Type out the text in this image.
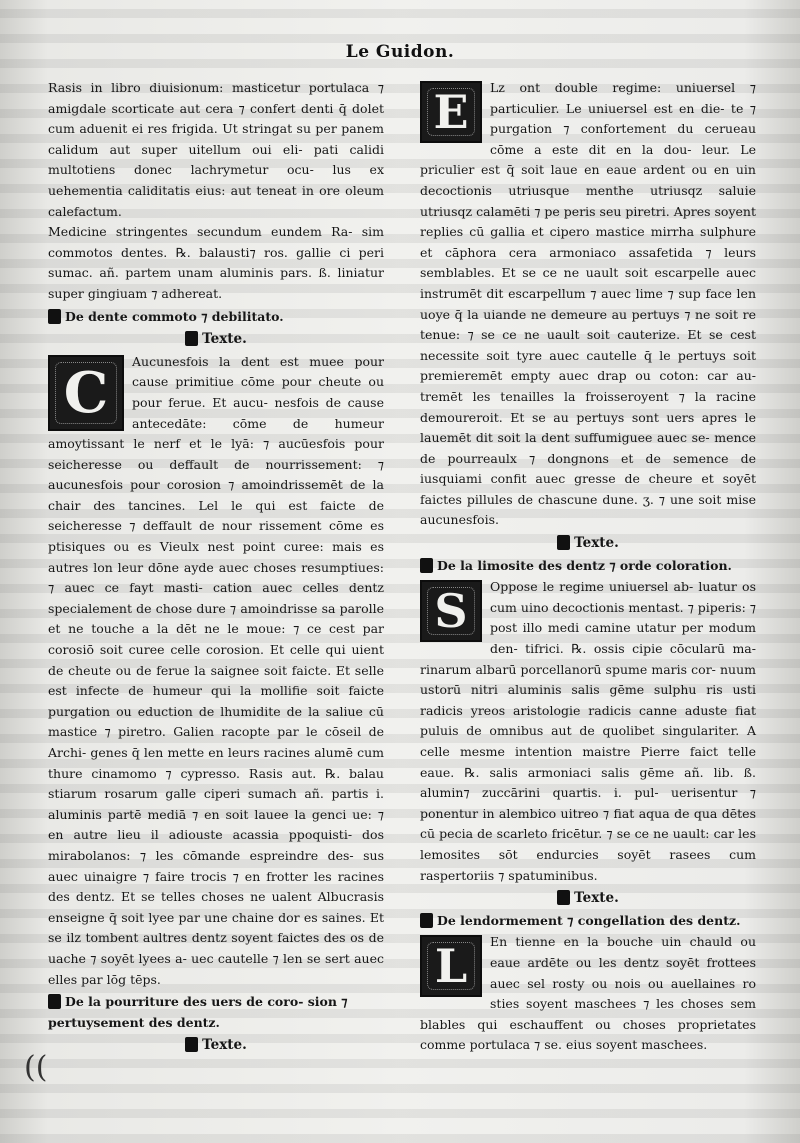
Le Guidon.

Rasis in libro diuisionum: masticetur portulaca ⁊ amigdale scorticate aut cera ⁊ confert denti q̄ dolet cum aduenit ei res frigida. Ut stringat su per panem calidum aut super uitellum oui eli- pati calidi multotiens donec lachrymetur ocu- lus ex uehementia caliditatis eius: aut teneat in ore oleum calefactum.

Medicine stringentes secundum eundem Ra- sim commotos dentes. ℞. balausti⁊ ros. gallie ci peri sumac. añ. partem unam aluminis pars. ß. liniatur super gingiuam ⁊ adhereat.

De dente commoto ⁊ debilitato.
Texte.
C	Aucunesfois la dent est muee pour cause primitiue cōme pour cheute ou pour ferue. Et aucu- nesfois de cause antecedāte: cōme de humeur amoytissant le nerf et le lyā: ⁊ aucūesfois pour seicheresse ou deffault de nourrissement: ⁊ aucunesfois pour corosion ⁊ amoindrissemēt de la chair des tancines. Lel le qui est faicte de seicheresse ⁊ deffault de nour rissement cōme es ptisiques ou es Vieulx nest point curee: mais es autres lon leur dōne ayde auec choses resumptiues: ⁊ auec ce fayt masti- cation auec celles dentz specialement de chose dure ⁊ amoindrisse sa parolle et ne touche a la dēt ne le moue: ⁊ ce cest par corosiō soit curee celle corosion. Et celle qui uient de cheute ou de ferue la saignee soit faicte. Et selle est infecte de humeur qui la mollifie soit faicte purgation ou eduction de lhumidite de la saliue cū mastice ⁊ piretro. Galien racopte par le cōseil de Archi- genes q̄ len mette en leurs racines alumē cum thure cinamomo ⁊ cypresso. Rasis aut. ℞. balau stiarum rosarum galle ciperi sumach añ. partis i. aluminis partē mediā ⁊ en soit lauee la genci ue: ⁊ en autre lieu il adiouste acassia ppoquisti- dos mirabolanos: ⁊ les cōmande espreindre des- sus auec uinaigre ⁊ faire trocis ⁊ en frotter les racines des dentz. Et se telles choses ne ualent Albucrasis enseigne q̄ soit lyee par une chaine dor es saines. Et se ilz tombent aultres dentz soyent faictes des os de uache ⁊ soyēt lyees a- uec cautelle ⁊ len se sert auec elles par lōg tēps.

De la pourriture des uers de coro- sion ⁊ pertuysement des dentz.
Texte.
E	Lz ont double regime: uniuersel ⁊ particulier. Le uniuersel est en die- te ⁊ purgation ⁊ confortement du cerueau cōme a este dit en la dou- leur. Le priculier est q̄ soit laue en eaue ardent ou en uin decoctionis utriusque menthe utriusqz saluie utriusqz calamēti ⁊ pe peris seu piretri. Apres soyent replies cū gallia et cipero mastice mirrha sulphure et cāphora cera armoniaco assafetida ⁊ leurs semblables. Et se ce ne uault soit escarpelle auec instrumēt dit escarpellum ⁊ auec lime ⁊ sup face len uoye q̄ la uiande ne demeure au pertuys ⁊ ne soit re tenue: ⁊ se ce ne uault soit cauterize. Et se cest necessite soit tyre auec cautelle q̄ le pertuys soit premieremēt empty auec drap ou coton: car au- tremēt les tenailles la froisseroyent ⁊ la racine demoureroit. Et se au pertuys sont uers apres le lauemēt dit soit la dent suffumiguee auec se- mence de pourreaulx ⁊ dongnons et de semence de iusquiami confit auec gresse de cheure et soyēt faictes pillules de chascune dune. ʒ. ⁊ une soit mise aucunesfois.

Texte.
De la limosite des dentz ⁊ orde coloration.
S	Oppose le regime uniuersel ab- luatur os cum uino decoctionis mentast. ⁊ piperis: ⁊ post illo medi camine utatur per modum den- tifrici. ℞. ossis cipie cōcularū ma- rinarum albarū porcellanorū spume maris cor- nuum ustorū nitri aluminis salis gēme sulphu ris usti radicis yreos aristologie radicis canne aduste fiat puluis de omnibus aut de quolibet singulariter. A celle mesme intention maistre Pierre faict telle eaue. ℞. salis armoniaci salis gēme añ. lib. ß. alumin⁊ zuccārini quartis. i. pul- uerisentur ⁊ ponentur in alembico uitreo ⁊ fiat aqua de qua dētes cū pecia de scarleto fricētur. ⁊ se ce ne uault: car les lemosites sōt endurcies soyēt rasees cum raspertoriis ⁊ spatuminibus.

Texte.
De lendormement ⁊ congellation des dentz.
L	En tienne en la bouche uin chauld ou eaue ardēte ou les dentz soyēt frottees auec sel rosty ou nois ou auellaines ro sties soyent maschees ⁊ les choses sem blables qui eschauffent ou choses proprietates comme portulaca ⁊ se. eius soyent maschees.

((
